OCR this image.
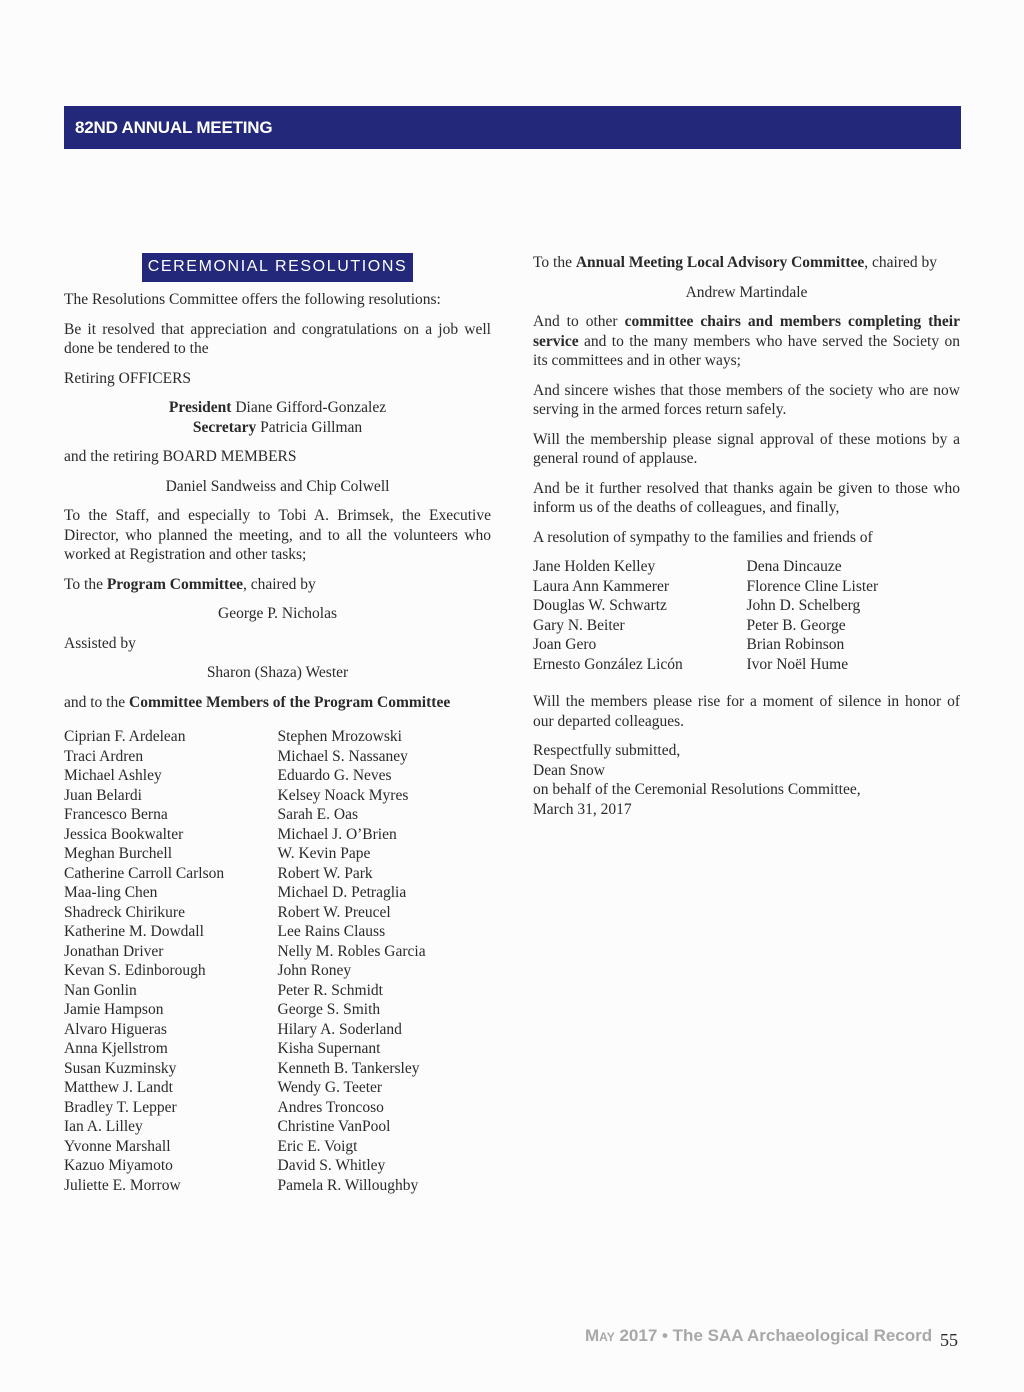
82ND ANNUAL MEETING
CEREMONIAL RESOLUTIONS

The Resolutions Committee offers the following resolutions:

Be it resolved that appreciation and congratulations on a job well done be tendered to the

Retiring OFFICERS

President Diane Gifford-Gonzalez
Secretary Patricia Gillman

and the retiring BOARD MEMBERS

Daniel Sandweiss and Chip Colwell

To the Staff, and especially to Tobi A. Brimsek, the Executive Director, who planned the meeting, and to all the volunteers who worked at Registration and other tasks;

To the Program Committee, chaired by

George P. Nicholas

Assisted by

Sharon (Shaza) Wester

and to the Committee Members of the Program Committee

Ciprian F. Ardelean
Traci Ardren
Michael Ashley
Juan Belardi
Francesco Berna
Jessica Bookwalter
Meghan Burchell
Catherine Carroll Carlson
Maa-ling Chen
Shadreck Chirikure
Katherine M. Dowdall
Jonathan Driver
Kevan S. Edinborough
Nan Gonlin
Jamie Hampson
Alvaro Higueras
Anna Kjellstrom
Susan Kuzminsky
Matthew J. Landt
Bradley T. Lepper
Ian A. Lilley
Yvonne Marshall
Kazuo Miyamoto
Juliette E. Morrow
Stephen Mrozowski
Michael S. Nassaney
Eduardo G. Neves
Kelsey Noack Myres
Sarah E. Oas
Michael J. O’Brien
W. Kevin Pape
Robert W. Park
Michael D. Petraglia
Robert W. Preucel
Lee Rains Clauss
Nelly M. Robles Garcia
John Roney
Peter R. Schmidt
George S. Smith
Hilary A. Soderland
Kisha Supernant
Kenneth B. Tankersley
Wendy G. Teeter
Andres Troncoso
Christine VanPool
Eric E. Voigt
David S. Whitley
Pamela R. Willoughby

To the Annual Meeting Local Advisory Committee, chaired by

Andrew Martindale

And to other committee chairs and members completing their service and to the many members who have served the Society on its committees and in other ways;

And sincere wishes that those members of the society who are now serving in the armed forces return safely.

Will the membership please signal approval of these motions by a general round of applause.

And be it further resolved that thanks again be given to those who inform us of the deaths of colleagues, and finally,

A resolution of sympathy to the families and friends of

Jane Holden Kelley
Laura Ann Kammerer
Douglas W. Schwartz
Gary N. Beiter
Joan Gero
Ernesto González Licón
Dena Dincauze
Florence Cline Lister
John D. Schelberg
Peter B. George
Brian Robinson
Ivor Noël Hume

Will the members please rise for a moment of silence in honor of our departed colleagues.

Respectfully submitted,
Dean Snow
on behalf of the Ceremonial Resolutions Committee,
March 31, 2017
May 2017 • The SAA Archaeological Record 55
